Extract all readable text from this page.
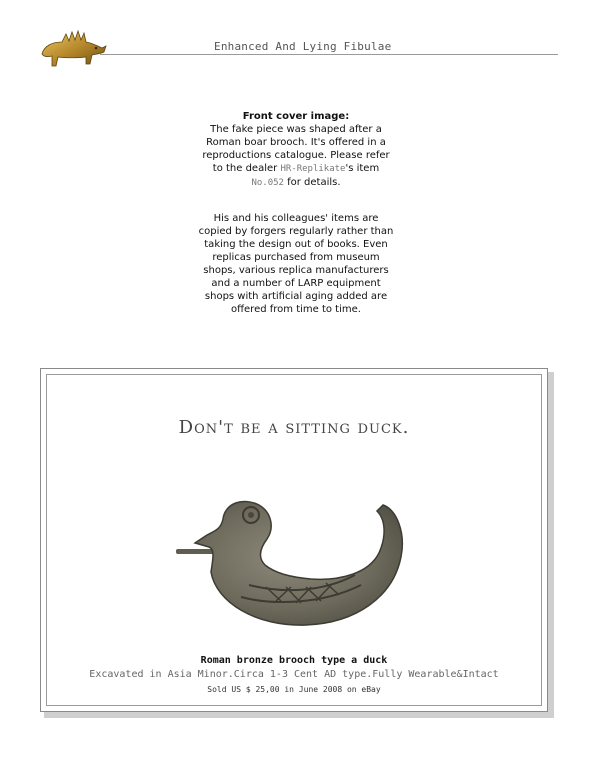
Enhanced And Lying Fibulae
Front cover image:
The fake piece was shaped after a Roman boar brooch. It's offered in a reproductions catalogue. Please refer to the dealer HR-Replikate's item No.052 for details.
His and his colleagues' items are copied by forgers regularly rather than taking the design out of books. Even replicas purchased from museum shops, various replica manufacturers and a number of LARP equipment shops with artificial aging added are offered from time to time.
Don't be a sitting duck.
Roman bronze brooch type a duck
Excavated in Asia Minor.Circa 1-3 Cent AD type.Fully Wearable&Intact
Sold US $ 25,00 in June 2008 on eBay
